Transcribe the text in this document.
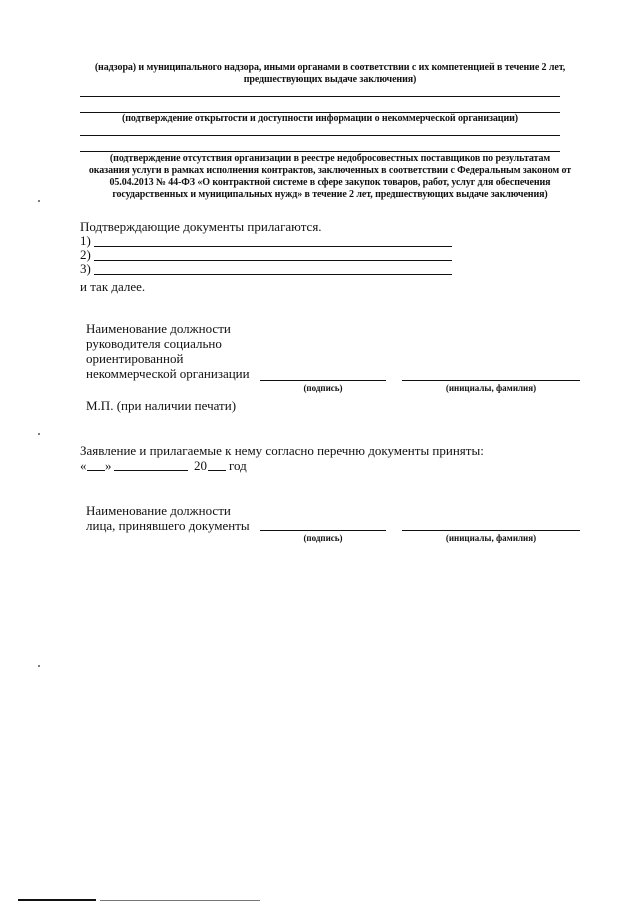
(надзора) и муниципального надзора, иными органами в соответствии с их компетенцией в течение 2 лет,
предшествующих выдаче заключения)
(подтверждение открытости и доступности информации о некоммерческой организации)
(подтверждение отсутствия организации в реестре недобросовестных поставщиков по результатам
оказания услуги в рамках исполнения контрактов, заключенных в соответствии с Федеральным законом от
05.04.2013 № 44-ФЗ «О контрактной системе в сфере закупок товаров, работ, услуг для обеспечения
государственных и муниципальных нужд» в течение 2 лет, предшествующих выдаче заключения)
Подтверждающие документы прилагаются.
1)
2)
3)
и так далее.
Наименование должности
руководителя социально
ориентированной
некоммерческой организации
(подпись)	(инициалы, фамилия)
М.П. (при наличии печати)
Заявление и прилагаемые к нему согласно перечню документы приняты:
« »	20 год
Наименование должности
лица, принявшего документы
(подпись)	(инициалы, фамилия)
